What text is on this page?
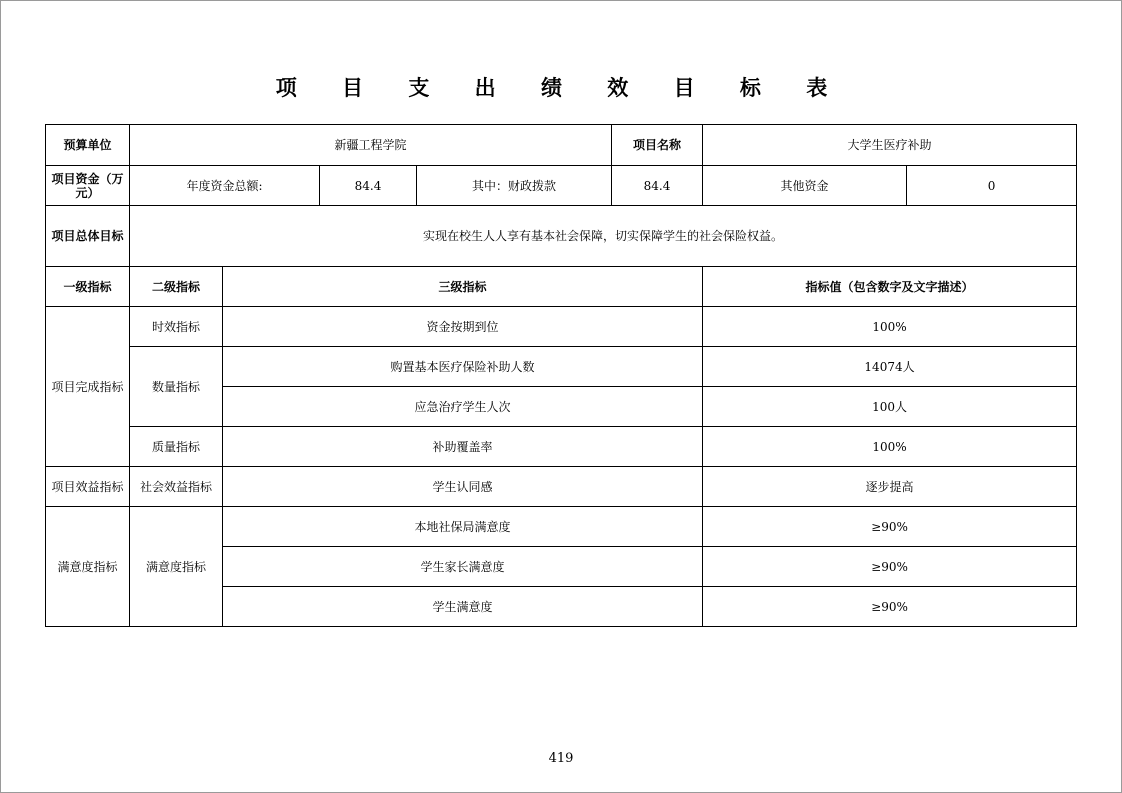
项 目 支 出 绩 效 目 标 表
预算单位	新疆工程学院				项目名称	大学生医疗补助	
项目资金（万元）	年度资金总额:		84.4	其中：财政拨款	84.4	其他资金	0
项目总体目标	实现在校生人人享有基本社会保障，切实保障学生的社会保险权益。						
一级指标	二级指标	三级指标				指标值（包含数字及文字描述）	
项目完成指标	时效指标	资金按期到位				100%	
	数量指标	购置基本医疗保险补助人数				14074人	
		应急治疗学生人次				100人	
	质量指标	补助覆盖率				100%	
项目效益指标	社会效益指标	学生认同感				逐步提高	
满意度指标	满意度指标	本地社保局满意度				≥90%	
		学生家长满意度				≥90%	
		学生满意度				≥90%	
419
